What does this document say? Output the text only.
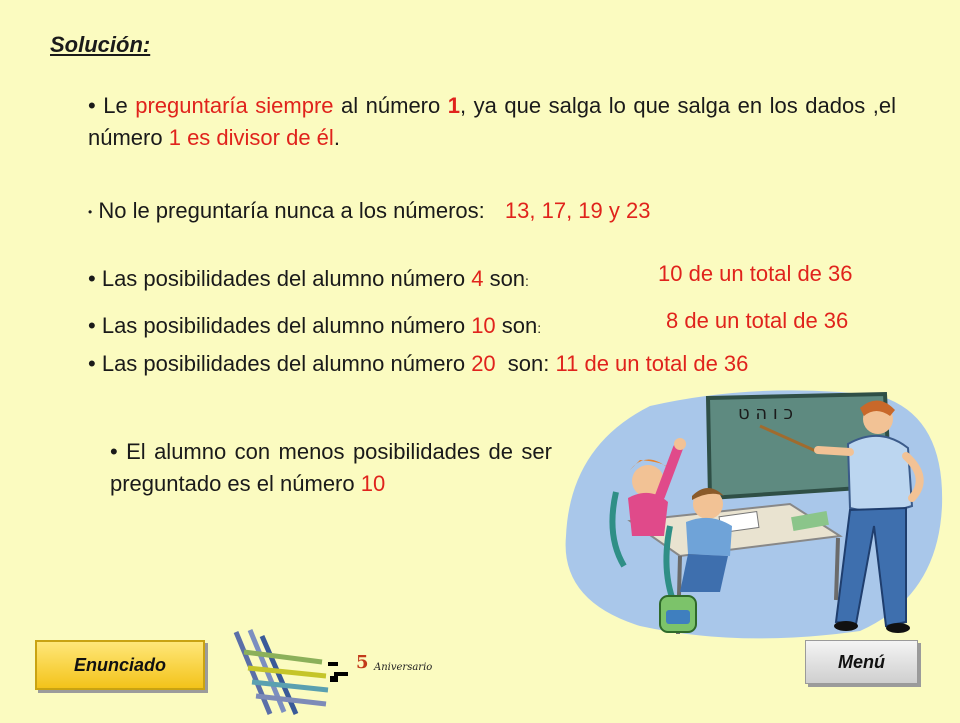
Solución:
• Le preguntaría siempre al número 1, ya que salga lo que salga en los dados ,el número 1 es divisor de él.
• No le preguntaría nunca a los números: 13, 17, 19 y 23
• Las posibilidades del alumno número 4 son:	10 de un total de 36
• Las posibilidades del alumno número 10 son:	8 de un total de 36
• Las posibilidades del alumno número 20 son: 11 de un total de 36
• El alumno con menos posibilidades de ser preguntado es el número 10
כ ו ה ט
5 Aniversario
Enunciado	Menú
